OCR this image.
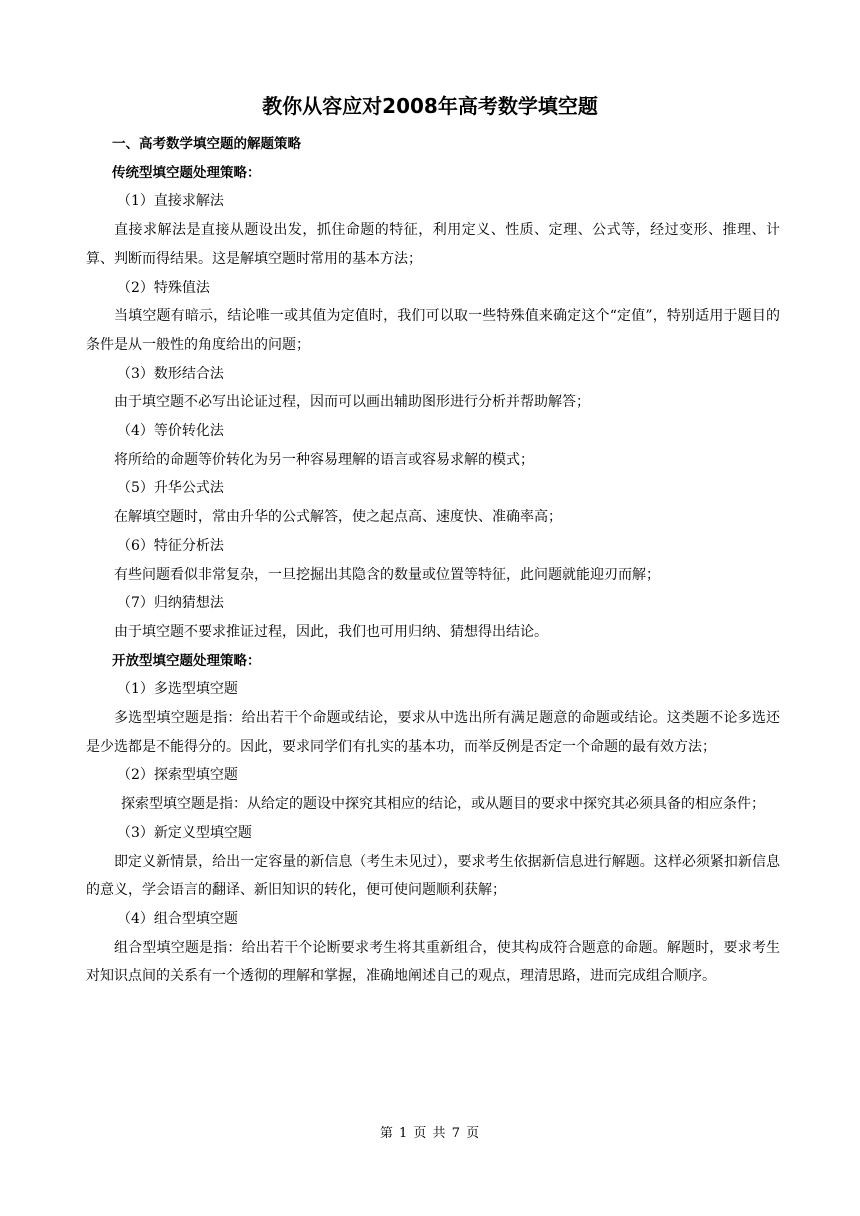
教你从容应对2008年高考数学填空题

一、高考数学填空题的解题策略

传统型填空题处理策略：

（1）直接求解法

直接求解法是直接从题设出发，抓住命题的特征，利用定义、性质、定理、公式等，经过变形、推理、计算、判断而得结果。这是解填空题时常用的基本方法；

（2）特殊值法

当填空题有暗示，结论唯一或其值为定值时，我们可以取一些特殊值来确定这个“定值”，特别适用于题目的条件是从一般性的角度给出的问题；

（3）数形结合法

由于填空题不必写出论证过程，因而可以画出辅助图形进行分析并帮助解答；

（4）等价转化法

将所给的命题等价转化为另一种容易理解的语言或容易求解的模式；

（5）升华公式法

在解填空题时，常由升华的公式解答，使之起点高、速度快、准确率高；

（6）特征分析法

有些问题看似非常复杂，一旦挖掘出其隐含的数量或位置等特征，此问题就能迎刃而解；

（7）归纳猜想法

由于填空题不要求推证过程，因此，我们也可用归纳、猜想得出结论。

开放型填空题处理策略：

（1）多选型填空题

多选型填空题是指：给出若干个命题或结论，要求从中选出所有满足题意的命题或结论。这类题不论多选还是少选都是不能得分的。因此，要求同学们有扎实的基本功，而举反例是否定一个命题的最有效方法；

（2）探索型填空题

探索型填空题是指：从给定的题设中探究其相应的结论，或从题目的要求中探究其必须具备的相应条件；

（3）新定义型填空题

即定义新情景，给出一定容量的新信息（考生未见过），要求考生依据新信息进行解题。这样必须紧扣新信息的意义，学会语言的翻译、新旧知识的转化，便可使问题顺利获解；

（4）组合型填空题

组合型填空题是指：给出若干个论断要求考生将其重新组合，使其构成符合题意的命题。解题时，要求考生对知识点间的关系有一个透彻的理解和掌握，准确地阐述自己的观点，理清思路，进而完成组合顺序。

第 1 页 共 7 页
